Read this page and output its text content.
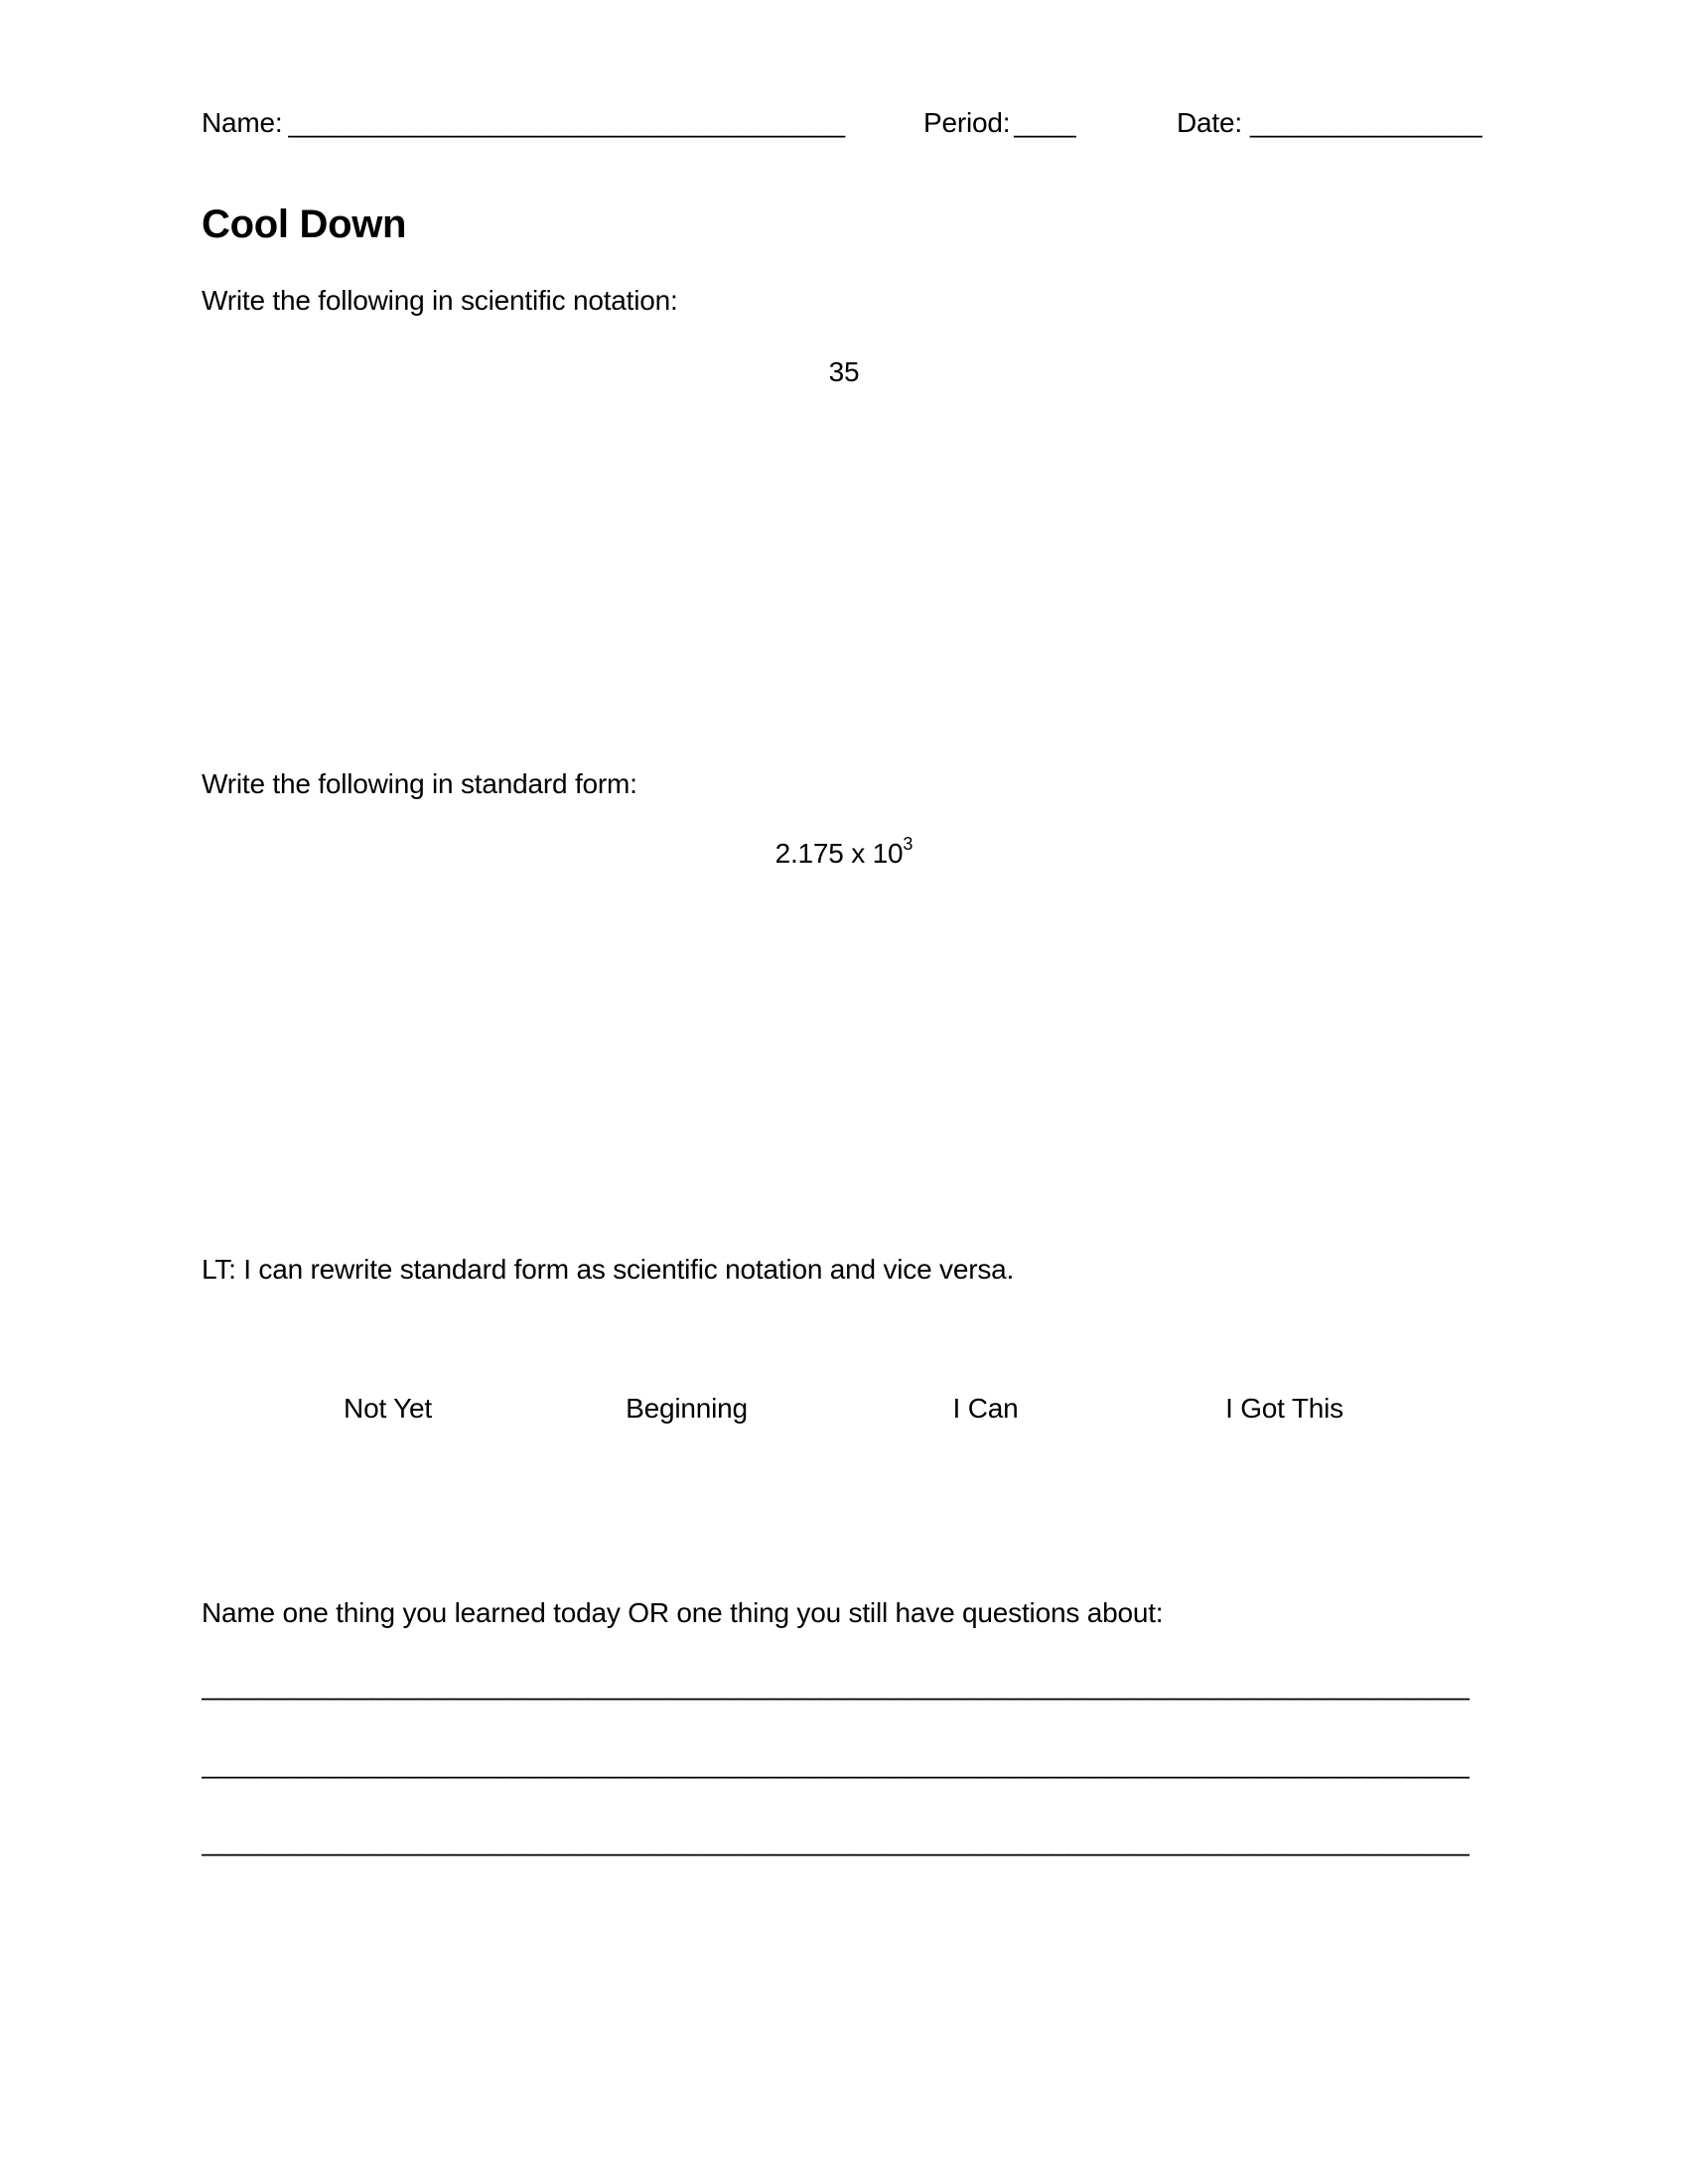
Name: ____________________________________	Period: ____	Date: _______________
Cool Down
Write the following in scientific notation:
35
Write the following in standard form:
2.175 x $10^3$
LT: I can rewrite standard form as scientific notation and vice versa.
Not Yet	Beginning	I Can	I Got This
Name one thing you learned today OR one thing you still have questions about:
__________________________________________________________________________________
__________________________________________________________________________________
__________________________________________________________________________________
